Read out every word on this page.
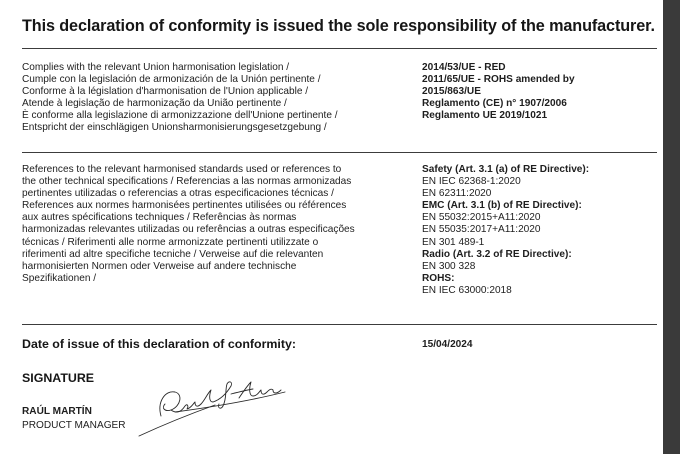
This declaration of conformity is issued the sole responsibility of the manufacturer.
Complies with the relevant Union harmonisation legislation /
Cumple con la legislación de armonización de la Unión pertinente /
Conforme à la législation d'harmonisation de l'Union applicable /
Atende à legislação de harmonização da União pertinente /
È conforme alla legislazione di armonizzazione dell'Unione pertinente /
Entspricht der einschlägigen Unionsharmonisierungsgesetzgebung /
2014/53/UE - RED
2011/65/UE - ROHS amended by
2015/863/UE
Reglamento (CE) n° 1907/2006
Reglamento UE 2019/1021
References to the relevant harmonised standards used or references to
the other technical specifications / Referencias a las normas armonizadas
pertinentes utilizadas o referencias a otras especificaciones técnicas /
References aux normes harmonisées pertinentes utilisées ou références
aux autres spécifications techniques / Referências às normas
harmonizadas relevantes utilizadas ou referências a outras especificações
técnicas / Riferimenti alle norme armonizzate pertinenti utilizzate o
riferimenti ad altre specifiche tecniche / Verweise auf die relevanten
harmonisierten Normen oder Verweise auf andere technische
Spezifikationen /
Safety (Art. 3.1 (a) of RE Directive):
EN IEC 62368-1:2020
EN 62311:2020
EMC (Art. 3.1 (b) of RE Directive):
EN 55032:2015+A11:2020
EN 55035:2017+A11:2020
EN 301 489-1
Radio (Art. 3.2 of RE Directive):
EN 300 328
ROHS:
EN IEC 63000:2018
Date of issue of this declaration of conformity:	15/04/2024
SIGNATURE
RAÚL MARTÍN
PRODUCT MANAGER
